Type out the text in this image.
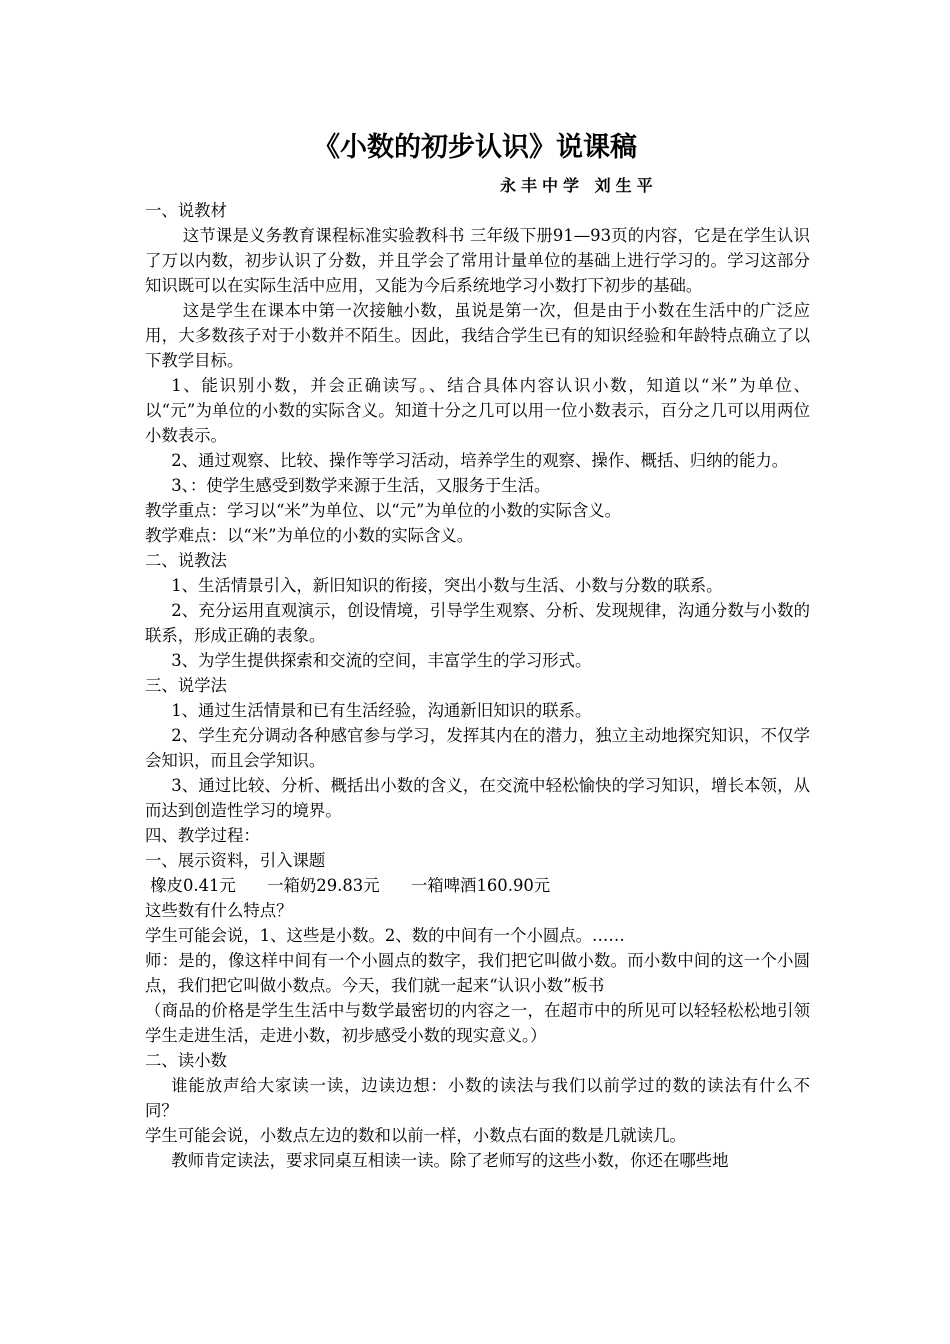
《小数的初步认识》说课稿
永丰中学 刘生平

一、说教材

这节课是义务教育课程标准实验教科书 三年级下册91—93页的内容，它是在学生认识了万以内数，初步认识了分数，并且学会了常用计量单位的基础上进行学习的。学习这部分知识既可以在实际生活中应用，又能为今后系统地学习小数打下初步的基础。

这是学生在课本中第一次接触小数，虽说是第一次，但是由于小数在生活中的广泛应用，大多数孩子对于小数并不陌生。因此，我结合学生已有的知识经验和年龄特点确立了以下教学目标。

1、能识别小数，并会正确读写。、结合具体内容认识小数，知道以“米”为单位、以“元”为单位的小数的实际含义。知道十分之几可以用一位小数表示，百分之几可以用两位小数表示。

2、通过观察、比较、操作等学习活动，培养学生的观察、操作、概括、归纳的能力。

3、：使学生感受到数学来源于生活，又服务于生活。

教学重点：学习以“米”为单位、以“元”为单位的小数的实际含义。

教学难点：以“米”为单位的小数的实际含义。

二、说教法

1、生活情景引入，新旧知识的衔接，突出小数与生活、小数与分数的联系。

2、充分运用直观演示，创设情境，引导学生观察、分析、发现规律，沟通分数与小数的联系，形成正确的表象。

3、为学生提供探索和交流的空间，丰富学生的学习形式。

三、说学法

1、通过生活情景和已有生活经验，沟通新旧知识的联系。

2、学生充分调动各种感官参与学习，发挥其内在的潜力，独立主动地探究知识，不仅学会知识，而且会学知识。

3、通过比较、分析、概括出小数的含义，在交流中轻松愉快的学习知识，增长本领，从而达到创造性学习的境界。

四、教学过程：

一、展示资料，引入课题

橡皮0.41元      一箱奶29.83元      一箱啤酒160.90元

这些数有什么特点？

学生可能会说，1、这些是小数。2、数的中间有一个小圆点。……

师：是的，像这样中间有一个小圆点的数字，我们把它叫做小数。而小数中间的这一个小圆点，我们把它叫做小数点。今天，我们就一起来“认识小数”板书

（商品的价格是学生生活中与数学最密切的内容之一，在超市中的所见可以轻轻松松地引领学生走进生活，走进小数，初步感受小数的现实意义。）

二、读小数

谁能放声给大家读一读，边读边想：小数的读法与我们以前学过的数的读法有什么不同？

学生可能会说，小数点左边的数和以前一样，小数点右面的数是几就读几。

教师肯定读法，要求同桌互相读一读。除了老师写的这些小数，你还在哪些地
